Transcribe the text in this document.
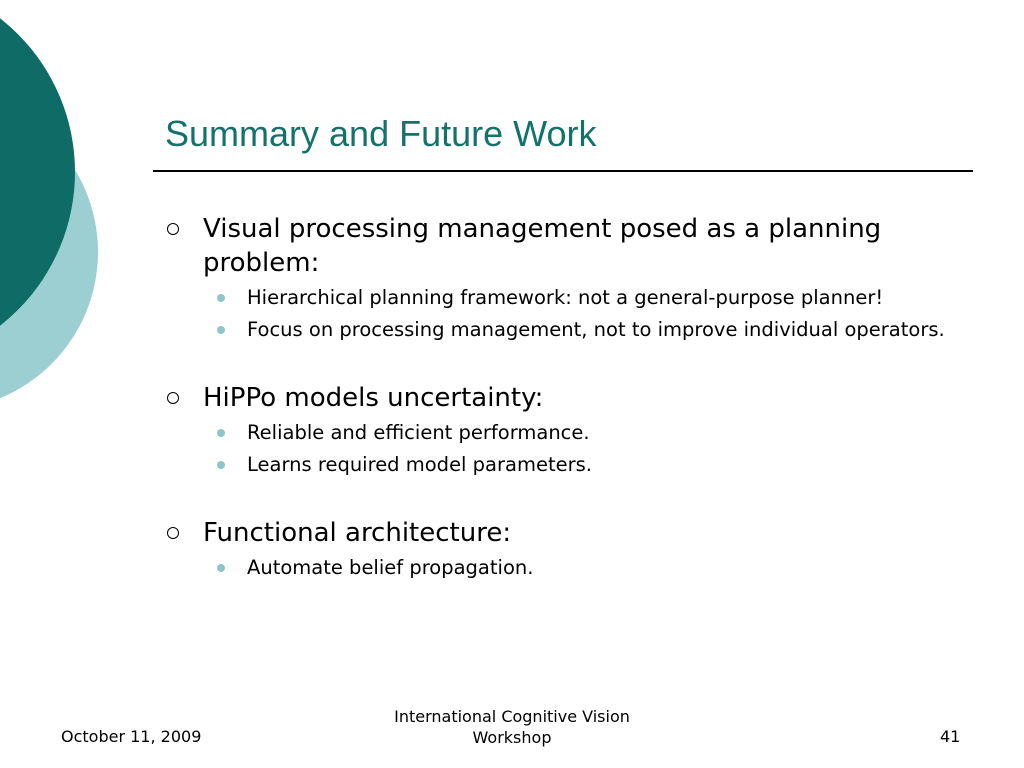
Summary and Future Work
Visual processing management posed as a planning problem:
Hierarchical planning framework: not a general-purpose planner!
Focus on processing management, not to improve individual operators.
HiPPo models uncertainty:
Reliable and efficient performance.
Learns required model parameters.
Functional architecture:
Automate belief propagation.
October 11, 2009
International Cognitive Vision
Workshop	41
